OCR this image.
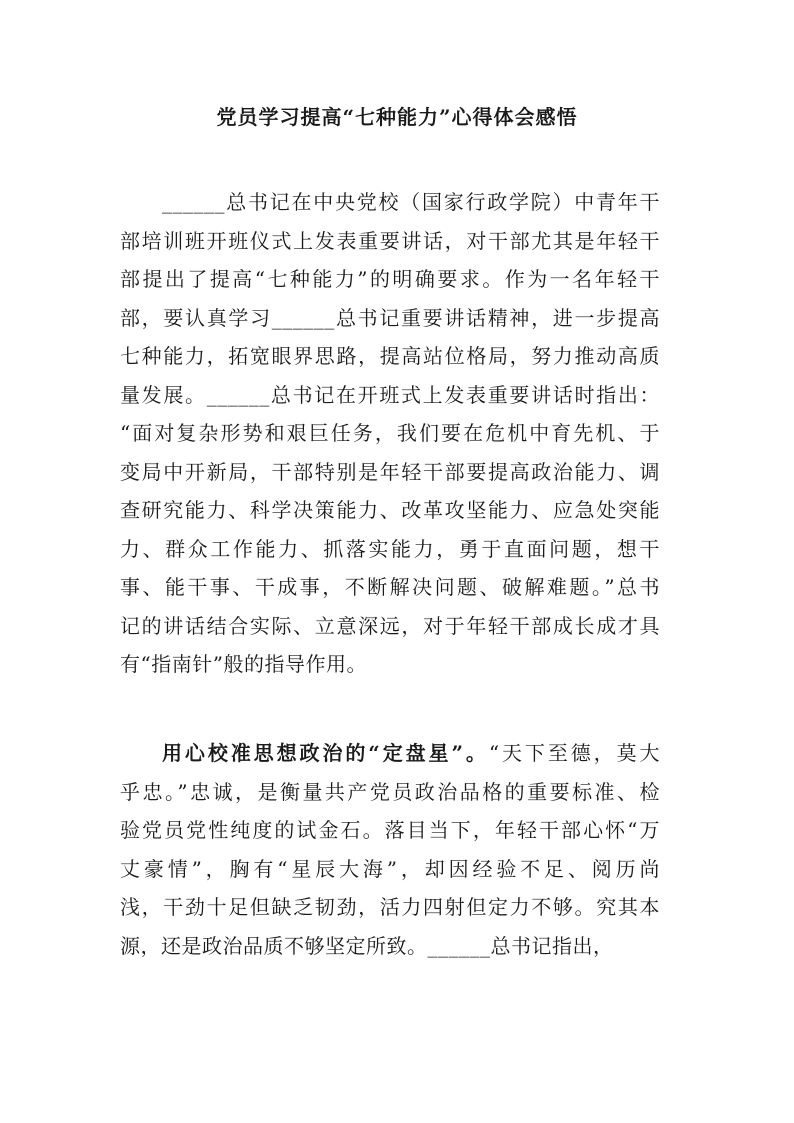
党员学习提高“七种能力”心得体会感悟
______总书记在中央党校（国家行政学院）中青年干
部培训班开班仪式上发表重要讲话，对干部尤其是年轻干
部提出了提高“七种能力”的明确要求。作为一名年轻干
部，要认真学习______总书记重要讲话精神，进一步提高
七种能力，拓宽眼界思路，提高站位格局，努力推动高质
量发展。______总书记在开班式上发表重要讲话时指出：
“面对复杂形势和艰巨任务，我们要在危机中育先机、于
变局中开新局，干部特别是年轻干部要提高政治能力、调
查研究能力、科学决策能力、改革攻坚能力、应急处突能
力、群众工作能力、抓落实能力，勇于直面问题，想干
事、能干事、干成事，不断解决问题、破解难题。”总书
记的讲话结合实际、立意深远，对于年轻干部成长成才具
有“指南针”般的指导作用。
用心校准思想政治的“定盘星”。“天下至德，莫大
乎忠。”忠诚，是衡量共产党员政治品格的重要标准、检
验党员党性纯度的试金石。落目当下，年轻干部心怀“万
丈豪情”，胸有“星辰大海”，却因经验不足、阅历尚
浅，干劲十足但缺乏韧劲，活力四射但定力不够。究其本
源，还是政治品质不够坚定所致。______总书记指出，
